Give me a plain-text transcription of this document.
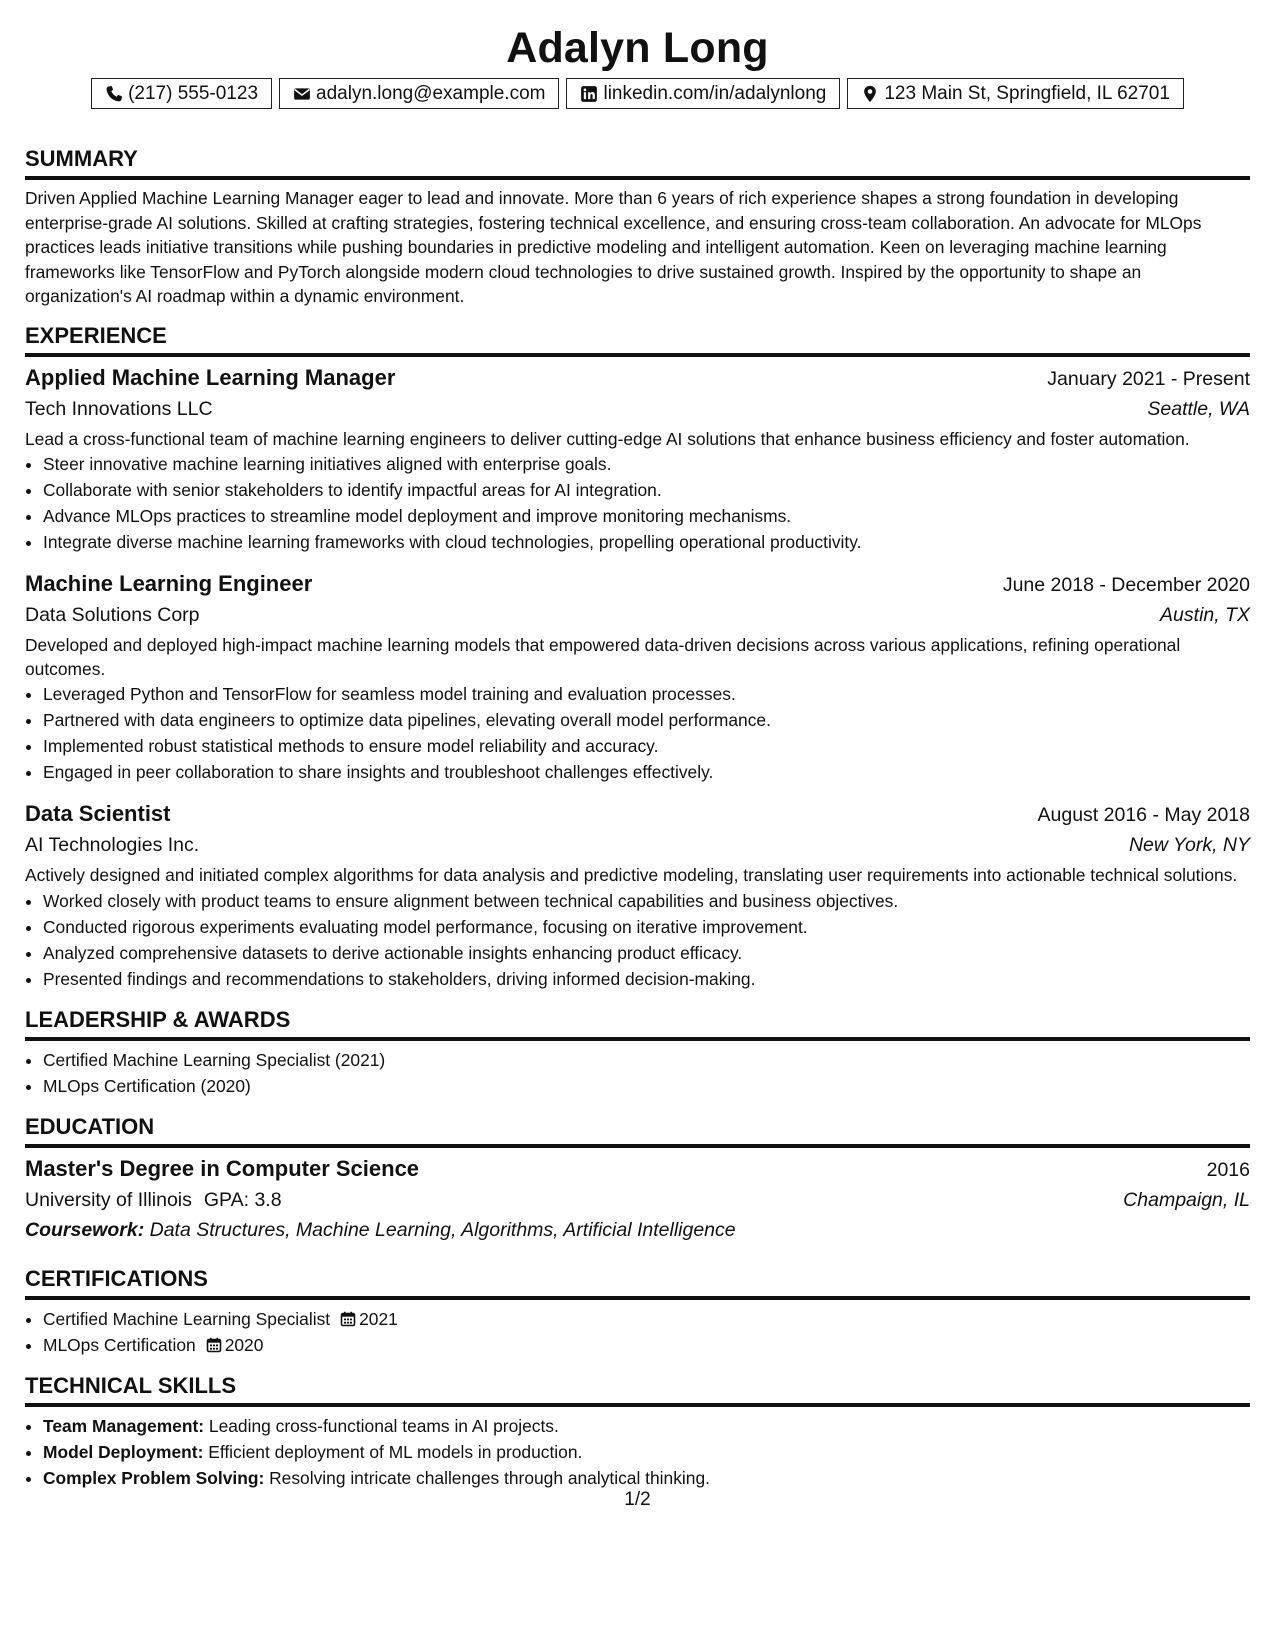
Adalyn Long
(217) 555-0123	adalyn.long@example.com	linkedin.com/in/adalynlong	123 Main St, Springfield, IL 62701
SUMMARY
Driven Applied Machine Learning Manager eager to lead and innovate. More than 6 years of rich experience shapes a strong foundation in developing enterprise-grade AI solutions. Skilled at crafting strategies, fostering technical excellence, and ensuring cross-team collaboration. An advocate for MLOps practices leads initiative transitions while pushing boundaries in predictive modeling and intelligent automation. Keen on leveraging machine learning frameworks like TensorFlow and PyTorch alongside modern cloud technologies to drive sustained growth. Inspired by the opportunity to shape an organization's AI roadmap within a dynamic environment.
EXPERIENCE
Applied Machine Learning Manager	January 2021 - Present
Tech Innovations LLC	Seattle, WA
Lead a cross-functional team of machine learning engineers to deliver cutting-edge AI solutions that enhance business efficiency and foster automation.
• Steer innovative machine learning initiatives aligned with enterprise goals.
• Collaborate with senior stakeholders to identify impactful areas for AI integration.
• Advance MLOps practices to streamline model deployment and improve monitoring mechanisms.
• Integrate diverse machine learning frameworks with cloud technologies, propelling operational productivity.
Machine Learning Engineer	June 2018 - December 2020
Data Solutions Corp	Austin, TX
Developed and deployed high-impact machine learning models that empowered data-driven decisions across various applications, refining operational outcomes.
• Leveraged Python and TensorFlow for seamless model training and evaluation processes.
• Partnered with data engineers to optimize data pipelines, elevating overall model performance.
• Implemented robust statistical methods to ensure model reliability and accuracy.
• Engaged in peer collaboration to share insights and troubleshoot challenges effectively.
Data Scientist	August 2016 - May 2018
AI Technologies Inc.	New York, NY
Actively designed and initiated complex algorithms for data analysis and predictive modeling, translating user requirements into actionable technical solutions.
• Worked closely with product teams to ensure alignment between technical capabilities and business objectives.
• Conducted rigorous experiments evaluating model performance, focusing on iterative improvement.
• Analyzed comprehensive datasets to derive actionable insights enhancing product efficacy.
• Presented findings and recommendations to stakeholders, driving informed decision-making.
LEADERSHIP & AWARDS
• Certified Machine Learning Specialist (2021)
• MLOps Certification (2020)
EDUCATION
Master's Degree in Computer Science	2016
University of Illinois GPA: 3.8	Champaign, IL
Coursework: Data Structures, Machine Learning, Algorithms, Artificial Intelligence
CERTIFICATIONS
• Certified Machine Learning Specialist 2021
• MLOps Certification 2020
TECHNICAL SKILLS
• Team Management: Leading cross-functional teams in AI projects.
• Model Deployment: Efficient deployment of ML models in production.
• Complex Problem Solving: Resolving intricate challenges through analytical thinking.
1/2
